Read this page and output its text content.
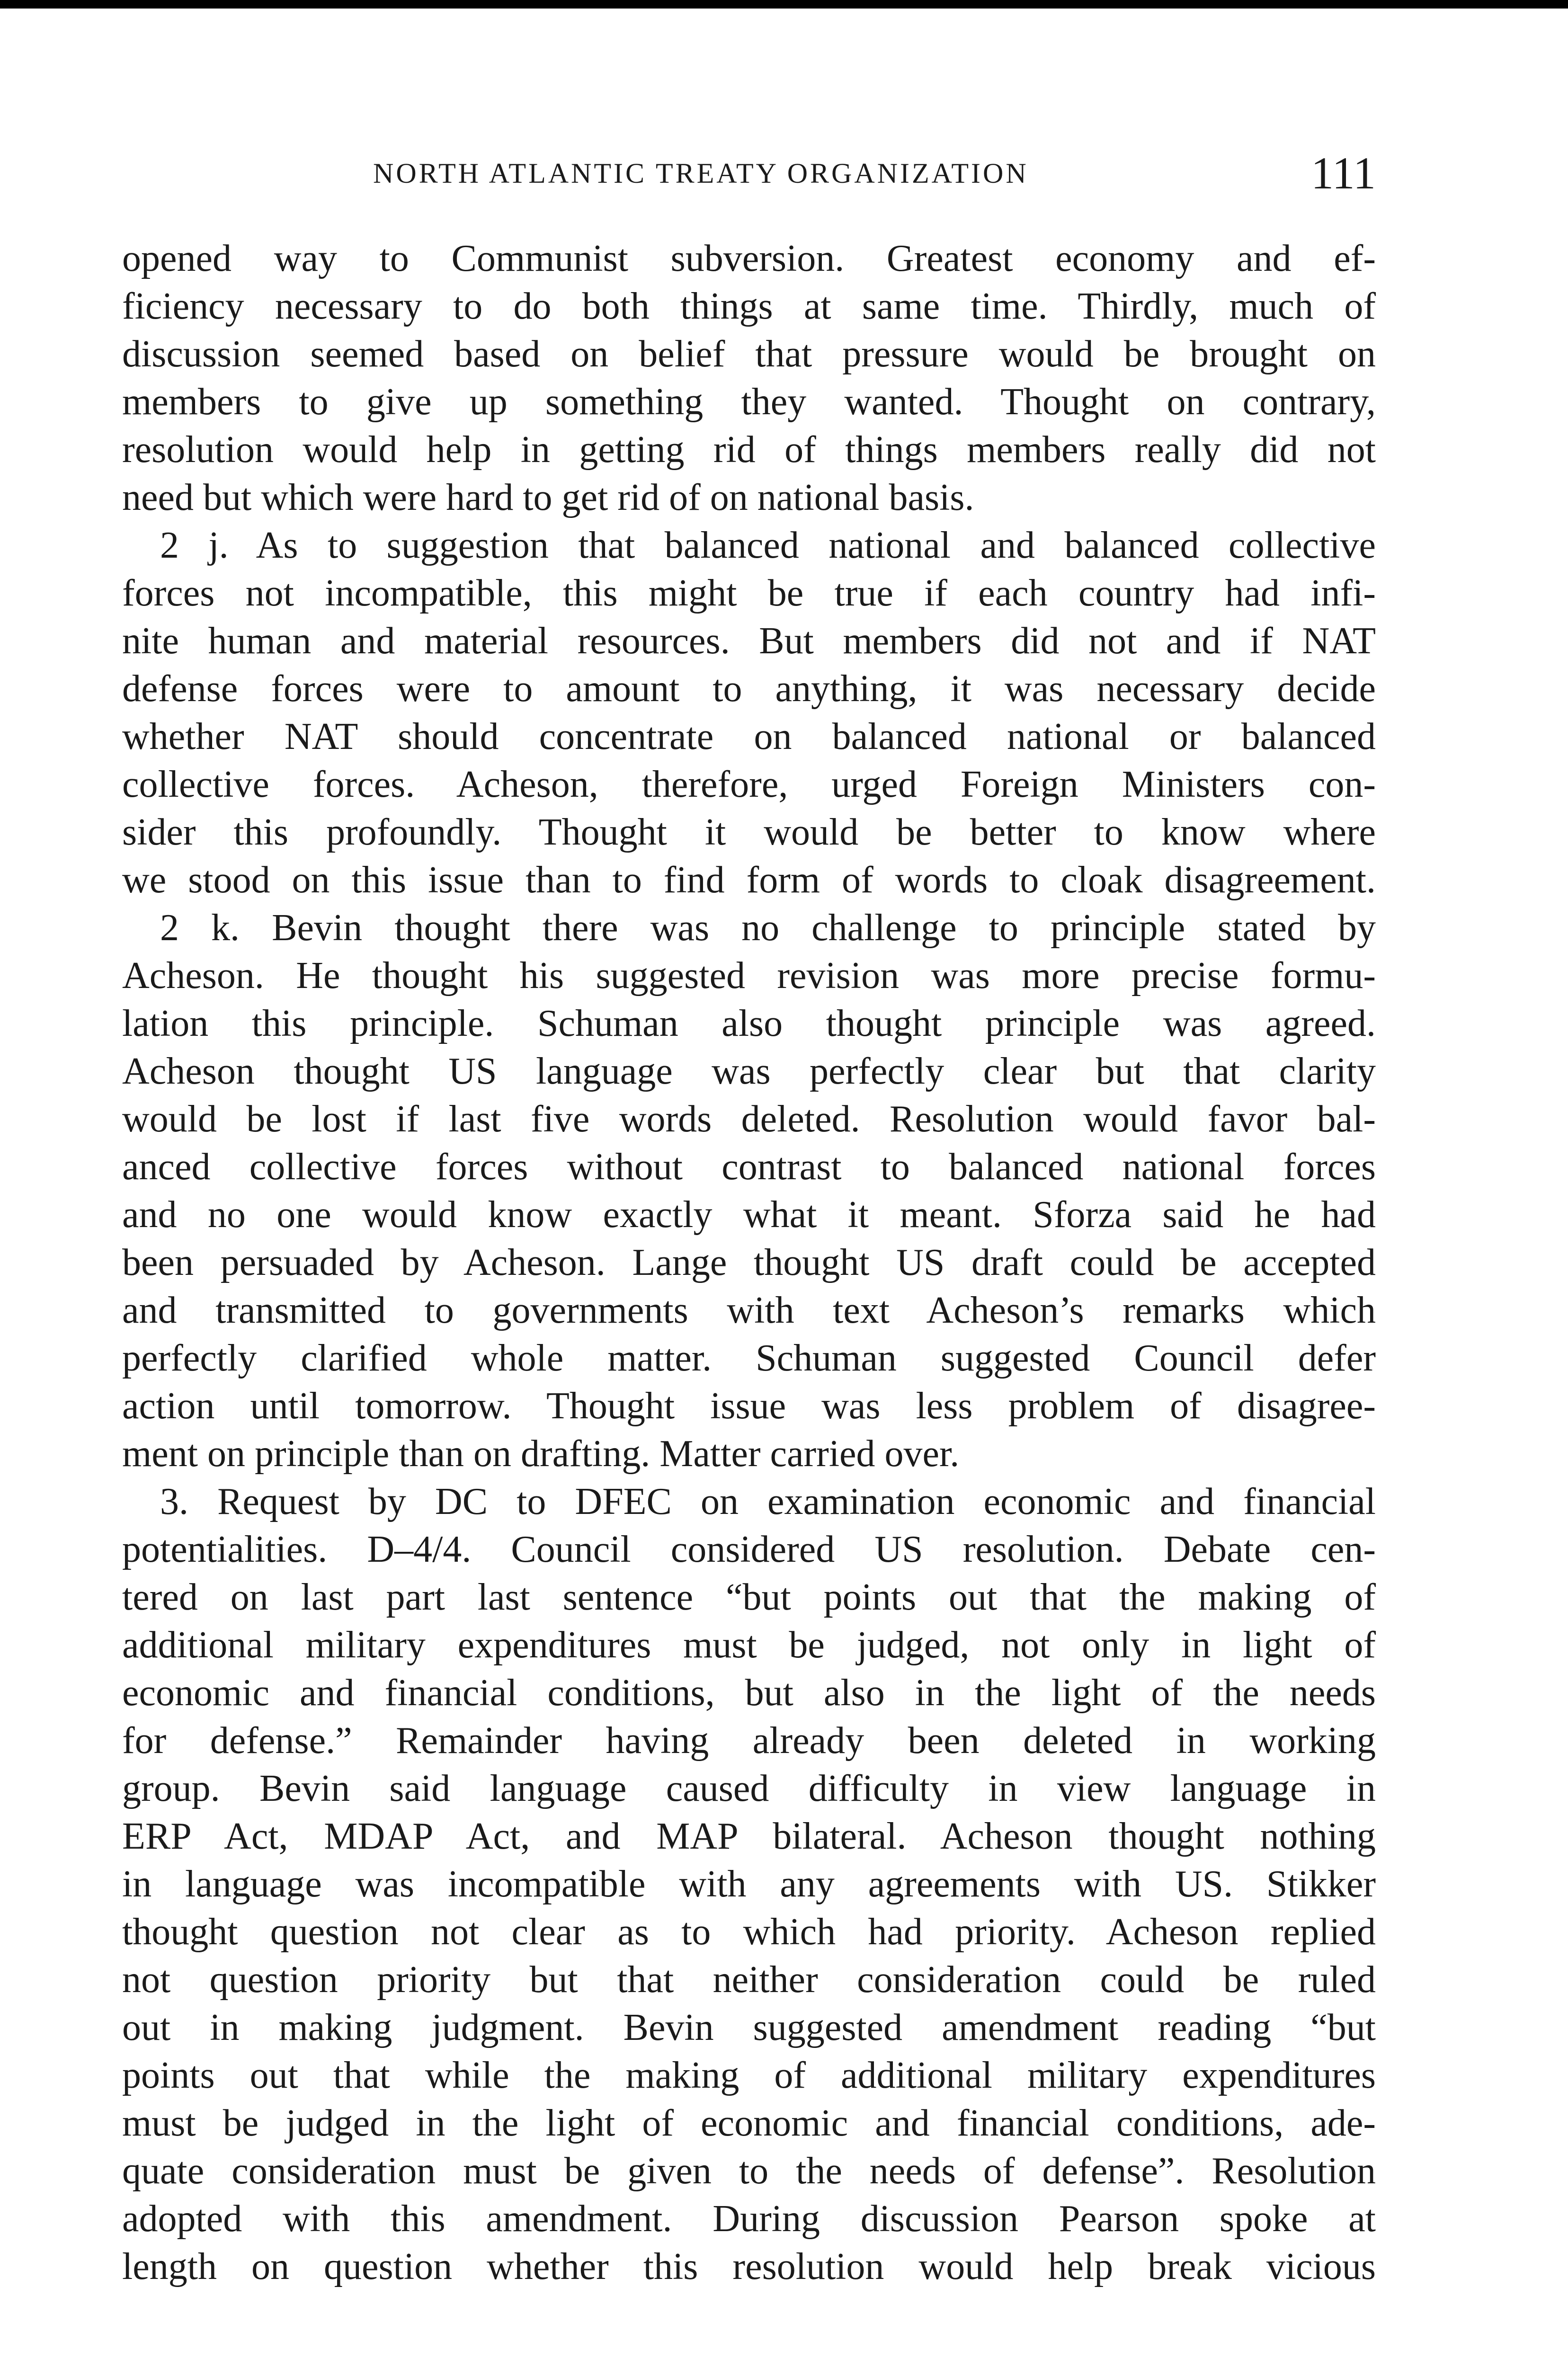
NORTH ATLANTIC TREATY ORGANIZATION	111
opened way to Communist subversion. Greatest economy and ef-
ficiency necessary to do both things at same time. Thirdly, much of
discussion seemed based on belief that pressure would be brought on
members to give up something they wanted. Thought on contrary,
resolution would help in getting rid of things members really did not
need but which were hard to get rid of on national basis.
2 j. As to suggestion that balanced national and balanced collective
forces not incompatible, this might be true if each country had infi-
nite human and material resources. But members did not and if NAT
defense forces were to amount to anything, it was necessary decide
whether NAT should concentrate on balanced national or balanced
collective forces. Acheson, therefore, urged Foreign Ministers con-
sider this profoundly. Thought it would be better to know where
we stood on this issue than to find form of words to cloak disagreement.
2 k. Bevin thought there was no challenge to principle stated by
Acheson. He thought his suggested revision was more precise formu-
lation this principle. Schuman also thought principle was agreed.
Acheson thought US language was perfectly clear but that clarity
would be lost if last five words deleted. Resolution would favor bal-
anced collective forces without contrast to balanced national forces
and no one would know exactly what it meant. Sforza said he had
been persuaded by Acheson. Lange thought US draft could be accepted
and transmitted to governments with text Acheson’s remarks which
perfectly clarified whole matter. Schuman suggested Council defer
action until tomorrow. Thought issue was less problem of disagree-
ment on principle than on drafting. Matter carried over.
3. Request by DC to DFEC on examination economic and financial
potentialities. D–4/4. Council considered US resolution. Debate cen-
tered on last part last sentence “but points out that the making of
additional military expenditures must be judged, not only in light of
economic and financial conditions, but also in the light of the needs
for defense.” Remainder having already been deleted in working
group. Bevin said language caused difficulty in view language in
ERP Act, MDAP Act, and MAP bilateral. Acheson thought nothing
in language was incompatible with any agreements with US. Stikker
thought question not clear as to which had priority. Acheson replied
not question priority but that neither consideration could be ruled
out in making judgment. Bevin suggested amendment reading “but
points out that while the making of additional military expenditures
must be judged in the light of economic and financial conditions, ade-
quate consideration must be given to the needs of defense”. Resolution
adopted with this amendment. During discussion Pearson spoke at
length on question whether this resolution would help break vicious
